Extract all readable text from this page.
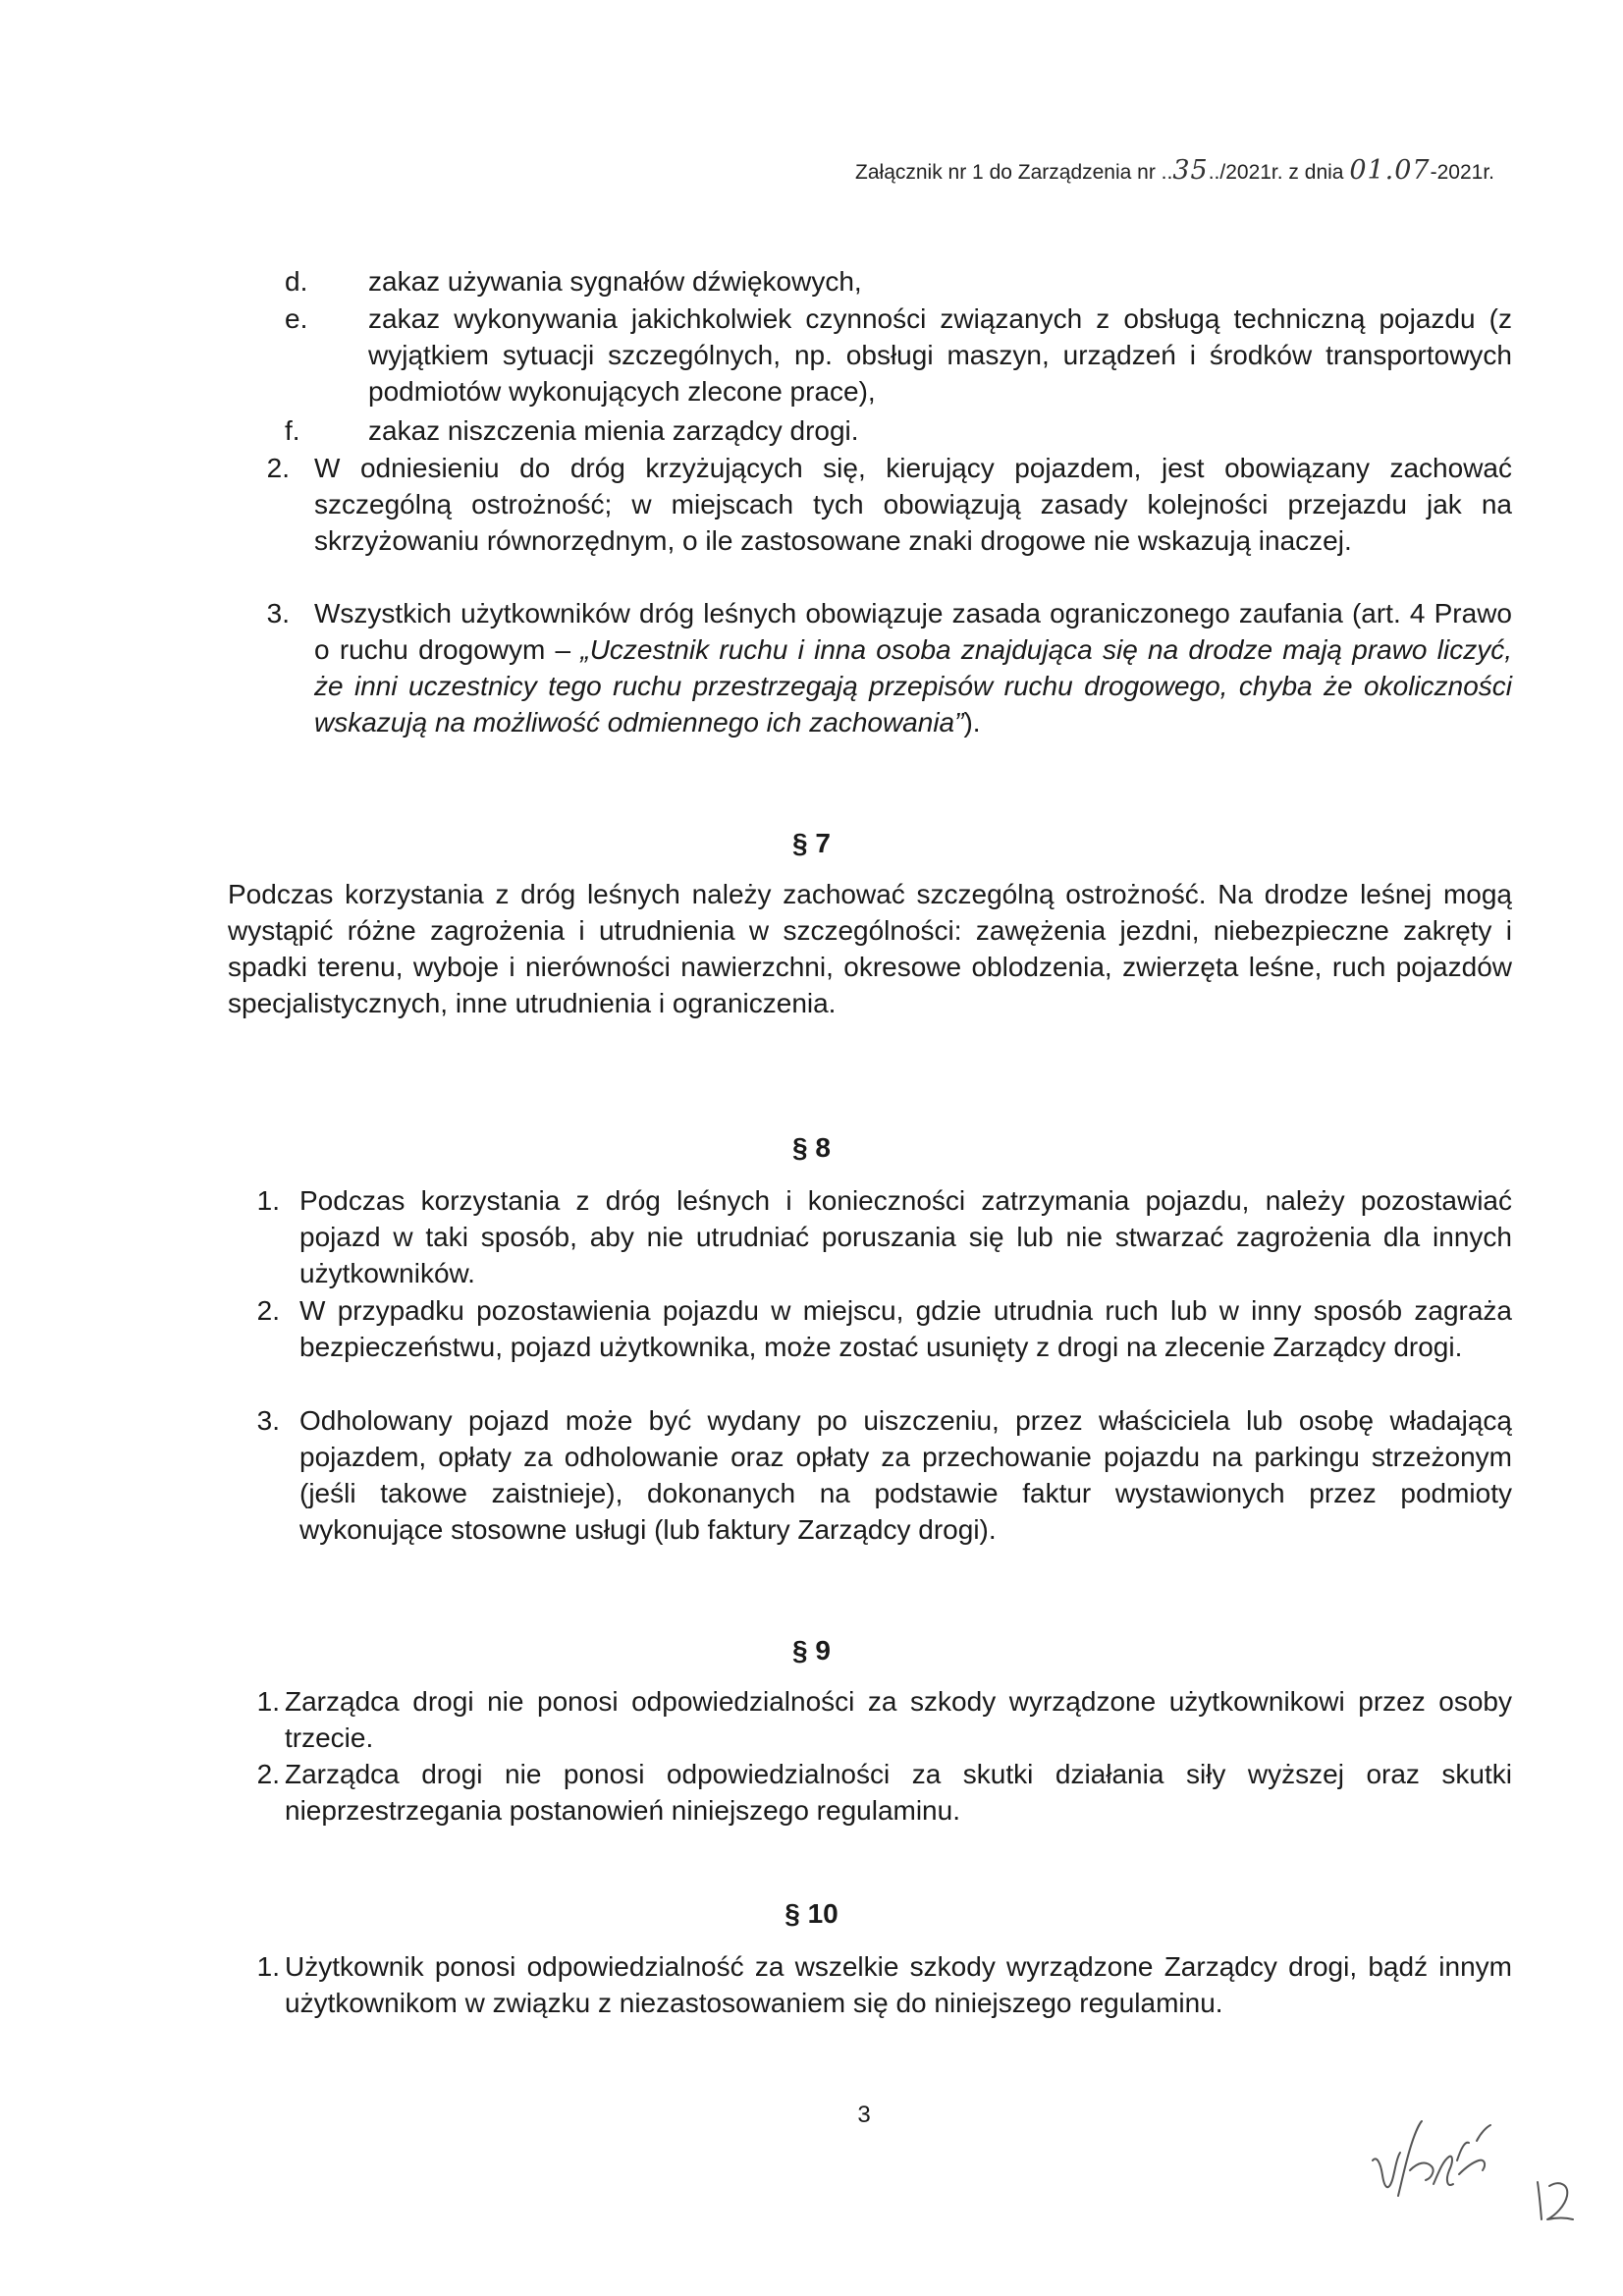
Załącznik nr 1 do Zarządzenia nr ..35../2021r. z dnia 01.07-2021r.
d.	zakaz używania sygnałów dźwiękowych,
e.	zakaz wykonywania jakichkolwiek czynności związanych z obsługą techniczną pojazdu (z wyjątkiem sytuacji szczególnych, np. obsługi maszyn, urządzeń i środków transportowych podmiotów wykonujących zlecone prace),
f.	zakaz niszczenia mienia zarządcy drogi.
2. W odniesieniu do dróg krzyżujących się, kierujący pojazdem, jest obowiązany zachować szczególną ostrożność; w miejscach tych obowiązują zasady kolejności przejazdu jak na skrzyżowaniu równorzędnym, o ile zastosowane znaki drogowe nie wskazują inaczej.
3. Wszystkich użytkowników dróg leśnych obowiązuje zasada ograniczonego zaufania (art. 4 Prawo o ruchu drogowym – „Uczestnik ruchu i inna osoba znajdująca się na drodze mają prawo liczyć, że inni uczestnicy tego ruchu przestrzegają przepisów ruchu drogowego, chyba że okoliczności wskazują na możliwość odmiennego ich zachowania”).
§ 7
Podczas korzystania z dróg leśnych należy zachować szczególną ostrożność. Na drodze leśnej mogą wystąpić różne zagrożenia i utrudnienia w szczególności: zawężenia jezdni, niebezpieczne zakręty i spadki terenu, wyboje i nierówności nawierzchni, okresowe oblodzenia, zwierzęta leśne, ruch pojazdów specjalistycznych, inne utrudnienia i ograniczenia.
§ 8
1. Podczas korzystania z dróg leśnych i konieczności zatrzymania pojazdu, należy pozostawiać pojazd w taki sposób, aby nie utrudniać poruszania się lub nie stwarzać zagrożenia dla innych użytkowników.
2. W przypadku pozostawienia pojazdu w miejscu, gdzie utrudnia ruch lub w inny sposób zagraża bezpieczeństwu, pojazd użytkownika, może zostać usunięty z drogi na zlecenie Zarządcy drogi.
3. Odholowany pojazd może być wydany po uiszczeniu, przez właściciela lub osobę władającą pojazdem, opłaty za odholowanie oraz opłaty za przechowanie pojazdu na parkingu strzeżonym (jeśli takowe zaistnieje), dokonanych na podstawie faktur wystawionych przez podmioty wykonujące stosowne usługi (lub faktury Zarządcy drogi).
§ 9
1. Zarządca drogi nie ponosi odpowiedzialności za szkody wyrządzone użytkownikowi przez osoby trzecie.
2. Zarządca drogi nie ponosi odpowiedzialności za skutki działania siły wyższej oraz skutki nieprzestrzegania postanowień niniejszego regulaminu.
§ 10
1. Użytkownik ponosi odpowiedzialność za wszelkie szkody wyrządzone Zarządcy drogi, bądź innym użytkownikom w związku z niezastosowaniem się do niniejszego regulaminu.
3
